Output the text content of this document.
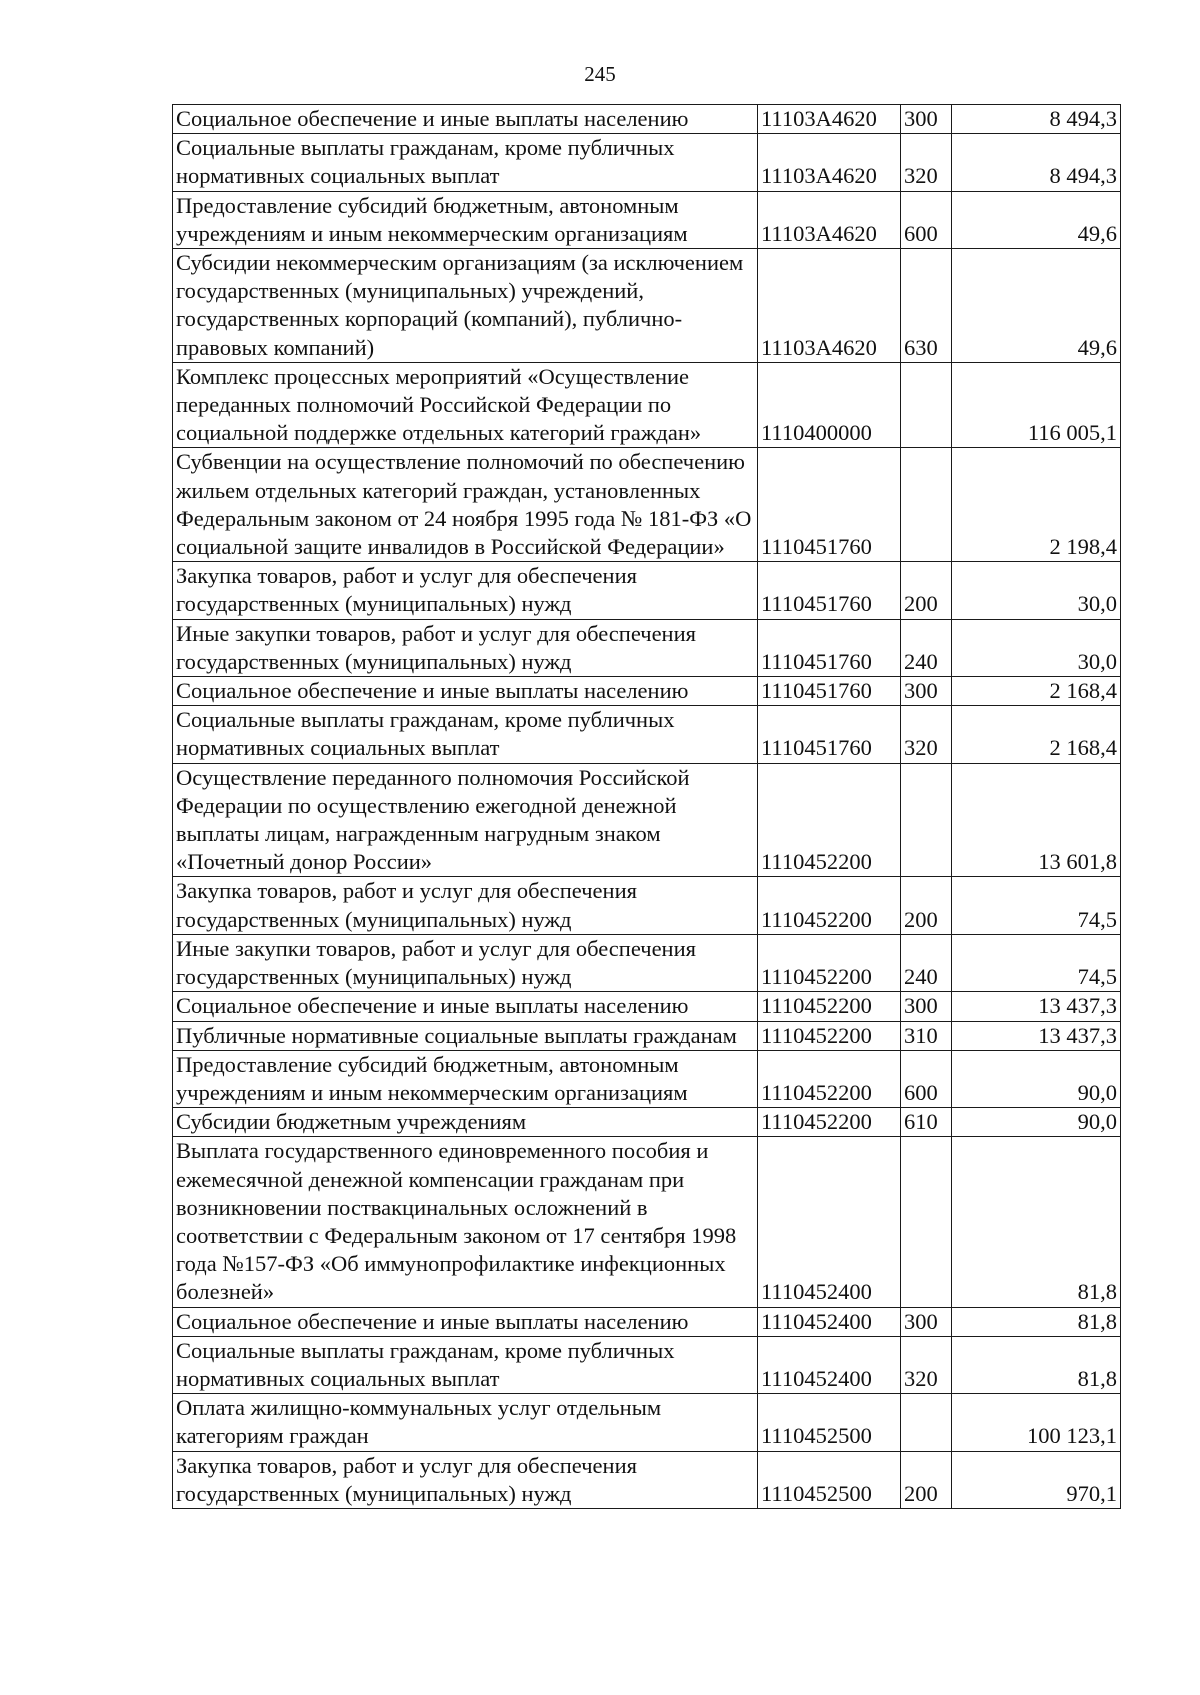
245
Социальное обеспечение и иные выплаты населению	11103А4620	300	8 494,3
Социальные выплаты гражданам, кроме публичных нормативных социальных выплат	11103А4620	320	8 494,3
Предоставление субсидий бюджетным, автономным учреждениям и иным некоммерческим организациям	11103А4620	600	49,6
Субсидии некоммерческим организациям (за исключением государственных (муниципальных) учреждений, государственных корпораций (компаний), публично-правовых компаний)	11103А4620	630	49,6
Комплекс процессных мероприятий «Осуществление переданных полномочий Российской Федерации по социальной поддержке отдельных категорий граждан»	1110400000		116 005,1
Субвенции на осуществление полномочий по обеспечению жильем отдельных категорий граждан, установленных Федеральным законом от 24 ноября 1995 года № 181-ФЗ «О социальной защите инвалидов в Российской Федерации»	1110451760		2 198,4
Закупка товаров, работ и услуг для обеспечения государственных (муниципальных) нужд	1110451760	200	30,0
Иные закупки товаров, работ и услуг для обеспечения государственных (муниципальных) нужд	1110451760	240	30,0
Социальное обеспечение и иные выплаты населению	1110451760	300	2 168,4
Социальные выплаты гражданам, кроме публичных нормативных социальных выплат	1110451760	320	2 168,4
Осуществление переданного полномочия Российской Федерации по осуществлению ежегодной денежной выплаты лицам, награжденным нагрудным знаком «Почетный донор России»	1110452200		13 601,8
Закупка товаров, работ и услуг для обеспечения государственных (муниципальных) нужд	1110452200	200	74,5
Иные закупки товаров, работ и услуг для обеспечения государственных (муниципальных) нужд	1110452200	240	74,5
Социальное обеспечение и иные выплаты населению	1110452200	300	13 437,3
Публичные нормативные социальные выплаты гражданам	1110452200	310	13 437,3
Предоставление субсидий бюджетным, автономным учреждениям и иным некоммерческим организациям	1110452200	600	90,0
Субсидии бюджетным учреждениям	1110452200	610	90,0
Выплата государственного единовременного пособия и ежемесячной денежной компенсации гражданам при возникновении поствакцинальных осложнений в соответствии с Федеральным законом от 17 сентября 1998 года №157-ФЗ «Об иммунопрофилактике инфекционных болезней»	1110452400		81,8
Социальное обеспечение и иные выплаты населению	1110452400	300	81,8
Социальные выплаты гражданам, кроме публичных нормативных социальных выплат	1110452400	320	81,8
Оплата жилищно-коммунальных услуг отдельным категориям граждан	1110452500		100 123,1
Закупка товаров, работ и услуг для обеспечения государственных (муниципальных) нужд	1110452500	200	970,1
